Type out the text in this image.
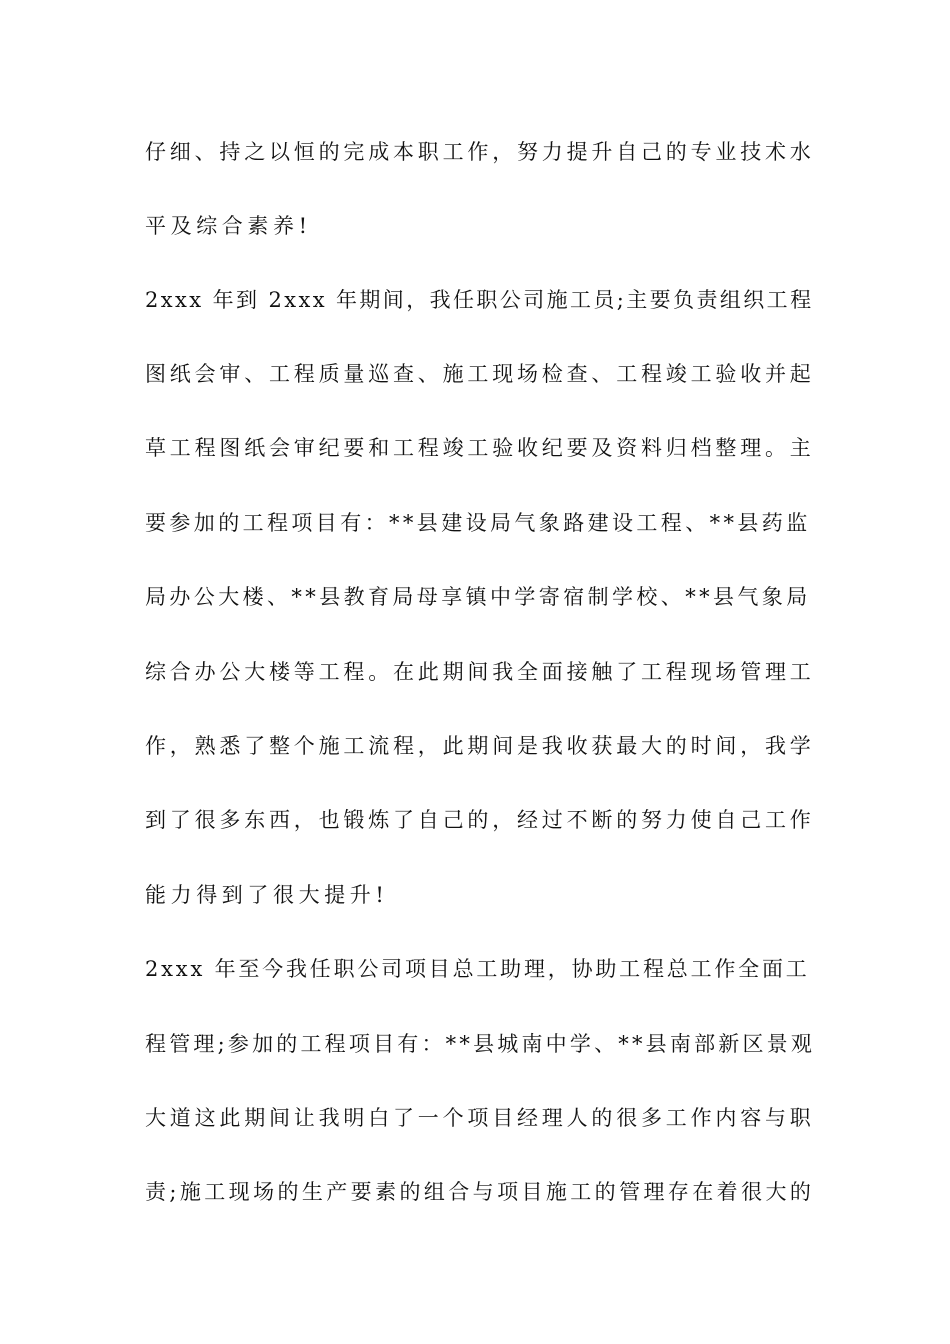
仔细、持之以恒的完成本职工作，努力提升自己的专业技术水
平及综合素养!
2xxx 年到 2xxx 年期间，我任职公司施工员;主要负责组织工程
图纸会审、工程质量巡查、施工现场检查、工程竣工验收并起
草工程图纸会审纪要和工程竣工验收纪要及资料归档整理。主
要参加的工程项目有：**县建设局气象路建设工程、**县药监
局办公大楼、**县教育局母享镇中学寄宿制学校、**县气象局
综合办公大楼等工程。在此期间我全面接触了工程现场管理工
作，熟悉了整个施工流程，此期间是我收获最大的时间，我学
到了很多东西，也锻炼了自己的，经过不断的努力使自己工作
能力得到了很大提升!
2xxx 年至今我任职公司项目总工助理，协助工程总工作全面工
程管理;参加的工程项目有：**县城南中学、**县南部新区景观
大道这此期间让我明白了一个项目经理人的很多工作内容与职
责;施工现场的生产要素的组合与项目施工的管理存在着很大的
